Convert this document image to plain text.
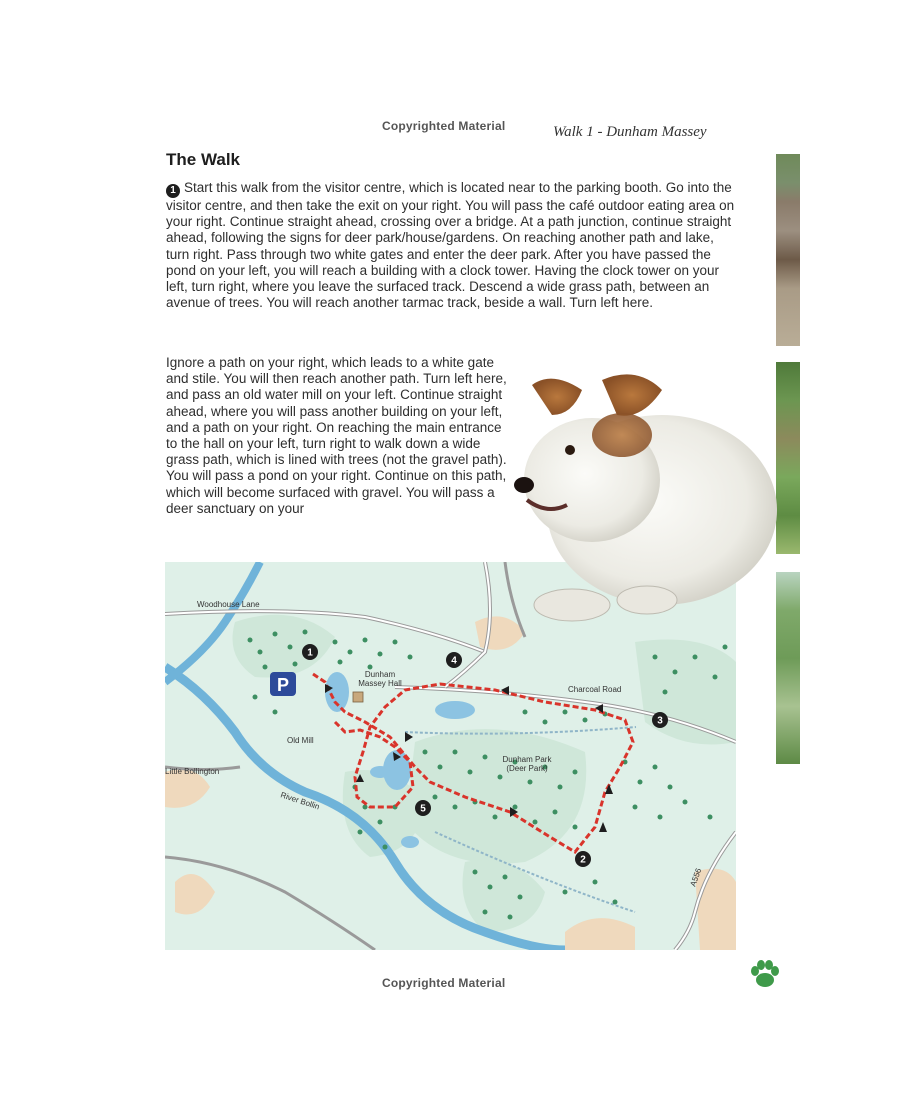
Copyrighted Material	Walk 1 - Dunham Massey
The Walk
1 Start this walk from the visitor centre, which is located near to the parking booth. Go into the visitor centre, and then take the exit on your right. You will pass the café outdoor eating area on your right. Continue straight ahead, crossing over a bridge. At a path junction, continue straight ahead, following the signs for deer park/house/gardens. On reaching another path and lake, turn right. Pass through two white gates and enter the deer park. After you have passed the pond on your left, you will reach a building with a clock tower. Having the clock tower on your left, turn right, where you leave the surfaced track. Descend a wide grass path, between an avenue of trees. You will reach another tarmac track, beside a wall. Turn left here.
Ignore a path on your right, which leads to a white gate and stile. You will then reach another path. Turn left here, and pass an old water mill on your left. Continue straight ahead, where you will pass another building on your left, and a path on your right. On reaching the main entrance to the hall on your left, turn right to walk down a wide grass path, which is lined with trees (not the gravel path). You will pass a pond on your right. Continue on this path, which will become surfaced with gravel. You will pass a deer sanctuary on your
1
2
3
4
5
P
Woodhouse Lane
Dunham
Massey Hall
Charcoal Road
Old Mill
Little Bollington
River Bollin
Dunham Park
(Deer Park)
A556
Copyrighted Material
